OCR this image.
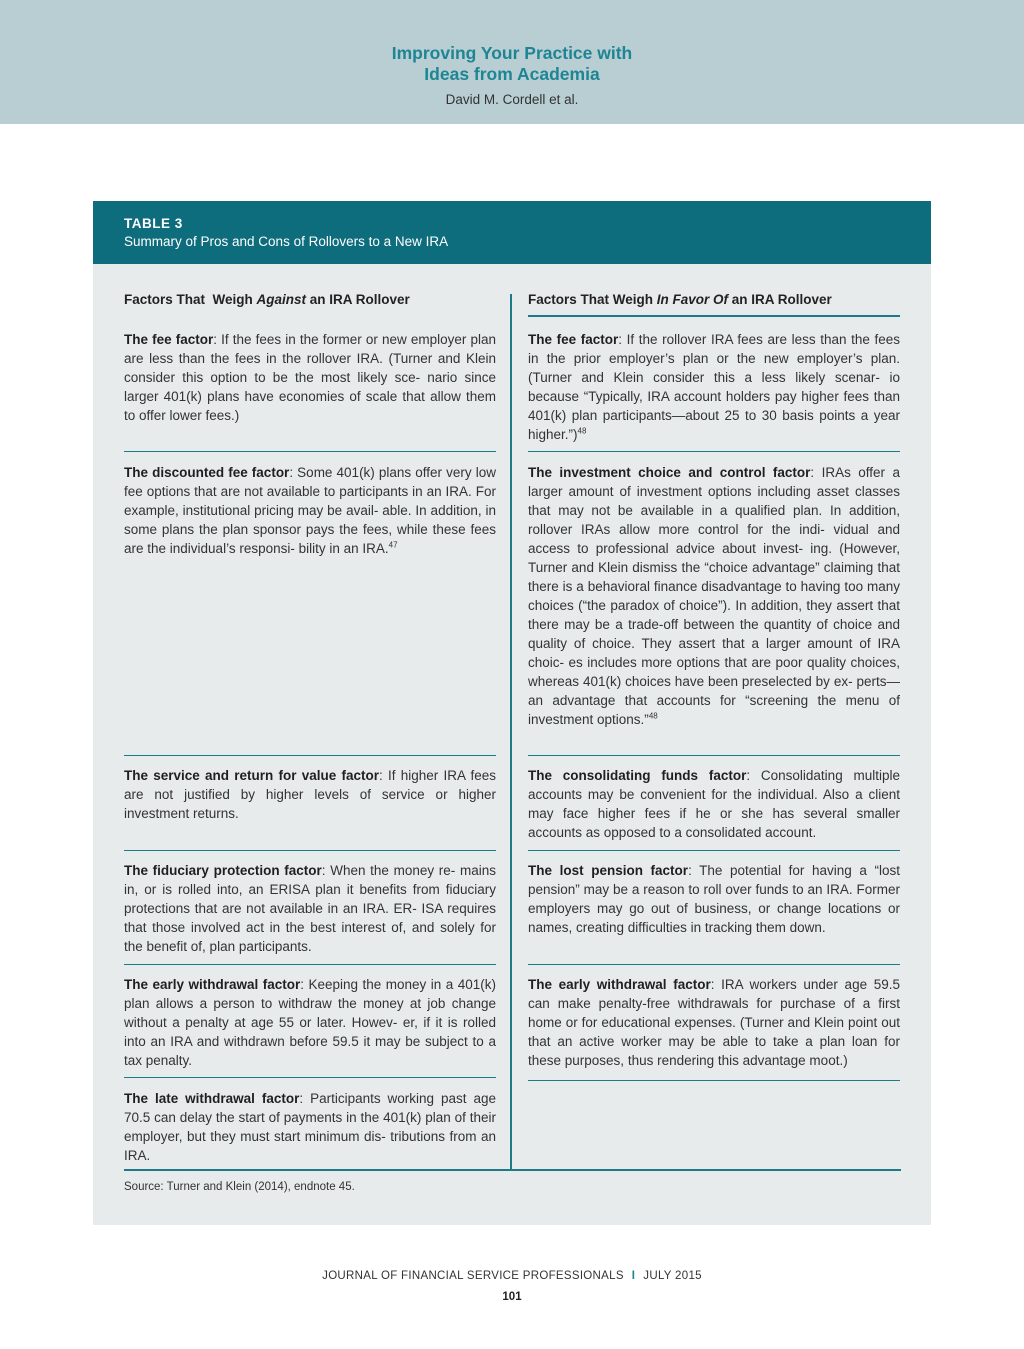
Improving Your Practice with
Ideas from Academia
David M. Cordell et al.
TABLE 3
Summary of Pros and Cons of Rollovers to a New IRA
Factors That  Weigh Against an IRA Rollover	Factors That Weigh In Favor Of an IRA Rollover
The fee factor: If the fees in the former or new employer plan are less than the fees in the rollover IRA. (Turner and Klein consider this option to be the most likely sce- nario since larger 401(k) plans have economies of scale that allow them to offer lower fees.)
The discounted fee factor: Some 401(k) plans offer very low fee options that are not available to participants in an IRA. For example, institutional pricing may be avail- able. In addition, in some plans the plan sponsor pays the fees, while these fees are the individual’s responsi- bility in an IRA.$^{47}$
The service and return for value factor: If higher IRA fees are not justified by higher levels of service or higher investment returns.
The fiduciary protection factor: When the money re- mains in, or is rolled into, an ERISA plan it benefits from fiduciary protections that are not available in an IRA. ER- ISA requires that those involved act in the best interest of, and solely for the benefit of, plan participants.
The early withdrawal factor: Keeping the money in a 401(k) plan allows a person to withdraw the money at job change without a penalty at age 55 or later. Howev- er, if it is rolled into an IRA and withdrawn before 59.5 it may be subject to a tax penalty.
The late withdrawal factor: Participants working past age 70.5 can delay the start of payments in the 401(k) plan of their employer, but they must start minimum dis- tributions from an IRA.
The fee factor: If the rollover IRA fees are less than the fees in the prior employer’s plan or the new employer’s plan. (Turner and Klein consider this a less likely scenar- io because “Typically, IRA account holders pay higher fees than 401(k) plan participants—about 25 to 30 basis points a year higher.”)$^{48}$
The investment choice and control factor: IRAs offer a larger amount of investment options including asset classes that may not be available in a qualified plan. In addition, rollover IRAs allow more control for the indi- vidual and access to professional advice about invest- ing. (However, Turner and Klein dismiss the “choice advantage” claiming that there is a behavioral finance disadvantage to having too many choices (“the paradox of choice”). In addition, they assert that there may be a trade-off between the quantity of choice and quality of choice. They assert that a larger amount of IRA choic- es includes more options that are poor quality choices, whereas 401(k) choices have been preselected by ex- perts—an advantage that accounts for “screening the menu of investment options.”$^{48}$
The consolidating funds factor: Consolidating multiple accounts may be convenient for the individual. Also a client may face higher fees if he or she has several smaller accounts as opposed to a consolidated account.
The lost pension factor: The potential for having a “lost pension” may be a reason to roll over funds to an IRA. Former employers may go out of business, or change locations or names, creating difficulties in tracking them down.
The early withdrawal factor: IRA workers under age 59.5 can make penalty-free withdrawals for purchase of a first home or for educational expenses. (Turner and Klein point out that an active worker may be able to take a plan loan for these purposes, thus rendering this advantage moot.)
Source: Turner and Klein (2014), endnote 45.
JOURNAL OF FINANCIAL SERVICE PROFESSIONALS I JULY 2015
101
